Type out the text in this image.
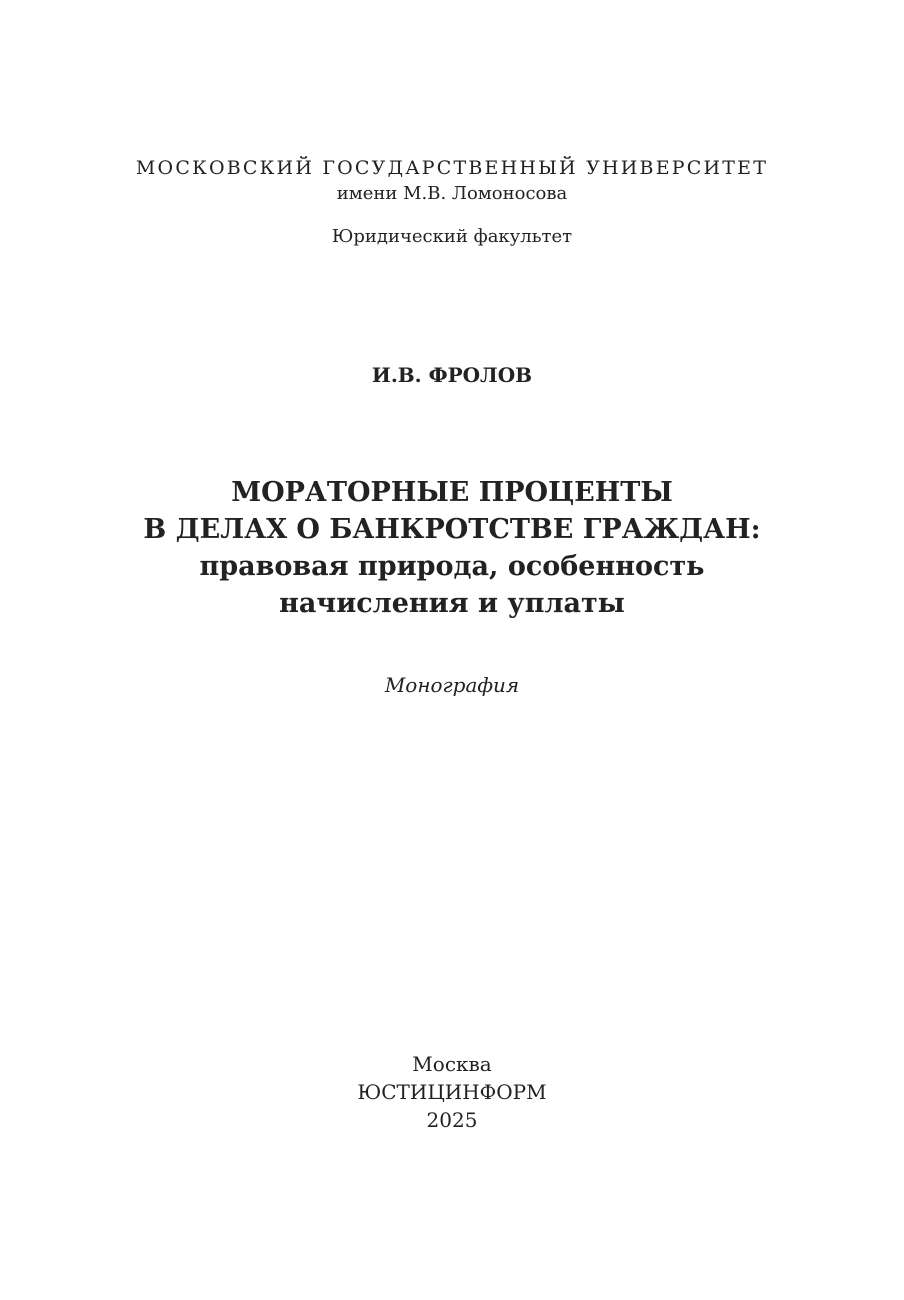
МОСКОВСКИЙ ГОСУДАРСТВЕННЫЙ УНИВЕРСИТЕТ
имени М.В. Ломоносова
Юридический факультет
И.В. ФРОЛОВ
МОРАТОРНЫЕ ПРОЦЕНТЫ
В ДЕЛАХ О БАНКРОТСТВЕ ГРАЖДАН:
правовая природа, особенность
начисления и уплаты
Монография
Москва
ЮСТИЦИНФОРМ
2025
